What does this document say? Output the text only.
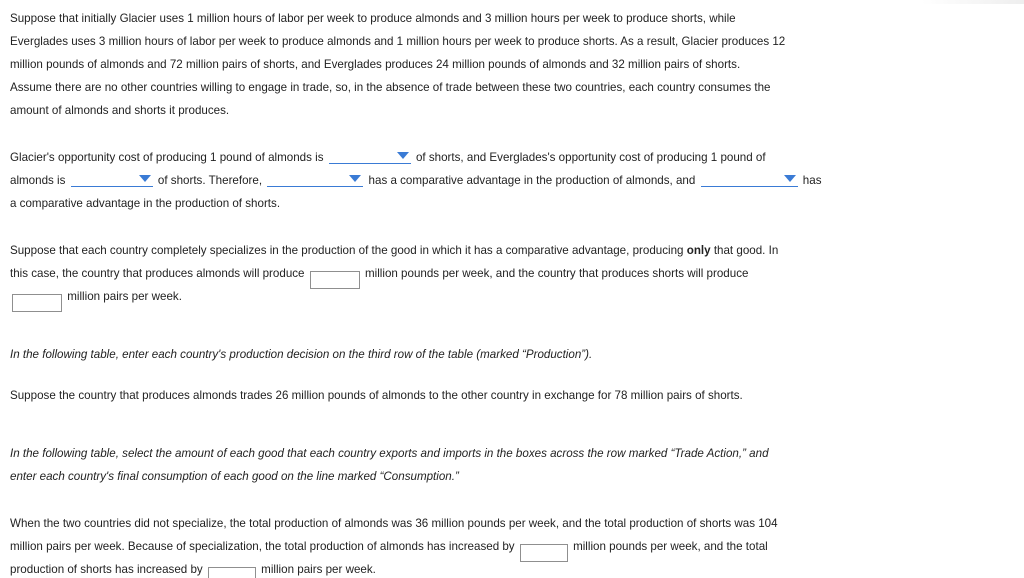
Suppose that initially Glacier uses 1 million hours of labor per week to produce almonds and 3 million hours per week to produce shorts, while
Everglades uses 3 million hours of labor per week to produce almonds and 1 million hours per week to produce shorts. As a result, Glacier produces 12
million pounds of almonds and 72 million pairs of shorts, and Everglades produces 24 million pounds of almonds and 32 million pairs of shorts.
Assume there are no other countries willing to engage in trade, so, in the absence of trade between these two countries, each country consumes the
amount of almonds and shorts it produces.
Glacier's opportunity cost of producing 1 pound of almonds is	of shorts, and Everglades's opportunity cost of producing 1 pound of
almonds is	of shorts. Therefore,	has a comparative advantage in the production of almonds, and	has
a comparative advantage in the production of shorts.
Suppose that each country completely specializes in the production of the good in which it has a comparative advantage, producing only that good. In
this case, the country that produces almonds will produce	million pounds per week, and the country that produces shorts will produce
million pairs per week.
In the following table, enter each country's production decision on the third row of the table (marked “Production”).
Suppose the country that produces almonds trades 26 million pounds of almonds to the other country in exchange for 78 million pairs of shorts.
In the following table, select the amount of each good that each country exports and imports in the boxes across the row marked “Trade Action,” and
enter each country's final consumption of each good on the line marked “Consumption.”
When the two countries did not specialize, the total production of almonds was 36 million pounds per week, and the total production of shorts was 104
million pairs per week. Because of specialization, the total production of almonds has increased by	million pounds per week, and the total
production of shorts has increased by	million pairs per week.
